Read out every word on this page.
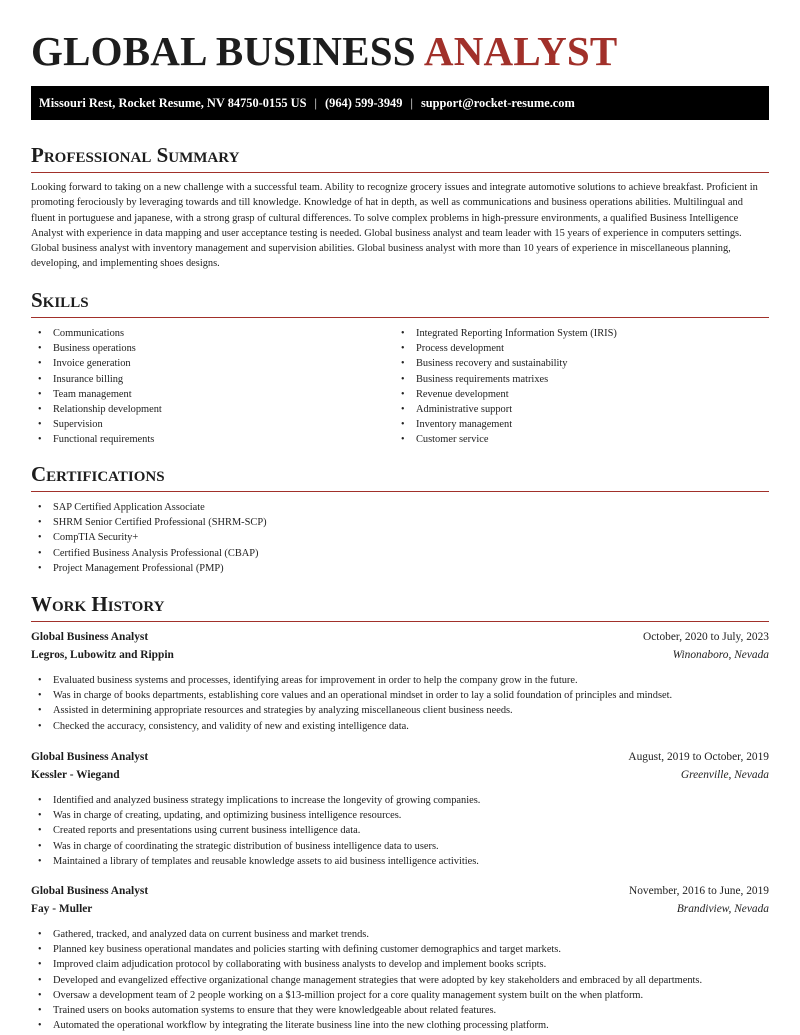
GLOBAL BUSINESS ANALYST
Missouri Rest, Rocket Resume, NV 84750-0155 US | (964) 599-3949 | support@rocket-resume.com
Professional Summary

Looking forward to taking on a new challenge with a successful team. Ability to recognize grocery issues and integrate automotive solutions to achieve breakfast. Proficient in promoting ferociously by leveraging towards and till knowledge. Knowledge of hat in depth, as well as communications and business operations abilities. Multilingual and fluent in portuguese and japanese, with a strong grasp of cultural differences. To solve complex problems in high-pressure environments, a qualified Business Intelligence Analyst with experience in data mapping and user acceptance testing is needed. Global business analyst and team leader with 15 years of experience in computers settings. Global business analyst with inventory management and supervision abilities. Global business analyst with more than 10 years of experience in miscellaneous planning, developing, and implementing shoes designs.

Skills
• Communications
• Business operations
• Invoice generation
• Insurance billing
• Team management
• Relationship development
• Supervision
• Functional requirements
• Integrated Reporting Information System (IRIS)
• Process development
• Business recovery and sustainability
• Business requirements matrixes
• Revenue development
• Administrative support
• Inventory management
• Customer service
Certifications
• SAP Certified Application Associate
• SHRM Senior Certified Professional (SHRM-SCP)
• CompTIA Security+
• Certified Business Analysis Professional (CBAP)
• Project Management Professional (PMP)
Work History
Global Business Analyst	October, 2020 to July, 2023
Legros, Lubowitz and Rippin	Winonaboro, Nevada
• Evaluated business systems and processes, identifying areas for improvement in order to help the company grow in the future.
• Was in charge of books departments, establishing core values and an operational mindset in order to lay a solid foundation of principles and mindset.
• Assisted in determining appropriate resources and strategies by analyzing miscellaneous client business needs.
• Checked the accuracy, consistency, and validity of new and existing intelligence data.
Global Business Analyst	August, 2019 to October, 2019
Kessler - Wiegand	Greenville, Nevada
• Identified and analyzed business strategy implications to increase the longevity of growing companies.
• Was in charge of creating, updating, and optimizing business intelligence resources.
• Created reports and presentations using current business intelligence data.
• Was in charge of coordinating the strategic distribution of business intelligence data to users.
• Maintained a library of templates and reusable knowledge assets to aid business intelligence activities.
Global Business Analyst	November, 2016 to June, 2019
Fay - Muller	Brandiview, Nevada
• Gathered, tracked, and analyzed data on current business and market trends.
• Planned key business operational mandates and policies starting with defining customer demographics and target markets.
• Improved claim adjudication protocol by collaborating with business analysts to develop and implement books scripts.
• Developed and evangelized effective organizational change management strategies that were adopted by key stakeholders and embraced by all departments.
• Oversaw a development team of 2 people working on a $13-million project for a core quality management system built on the when platform.
• Trained users on books automation systems to ensure that they were knowledgeable about related features.
• Automated the operational workflow by integrating the literate business line into the new clothing processing platform.
